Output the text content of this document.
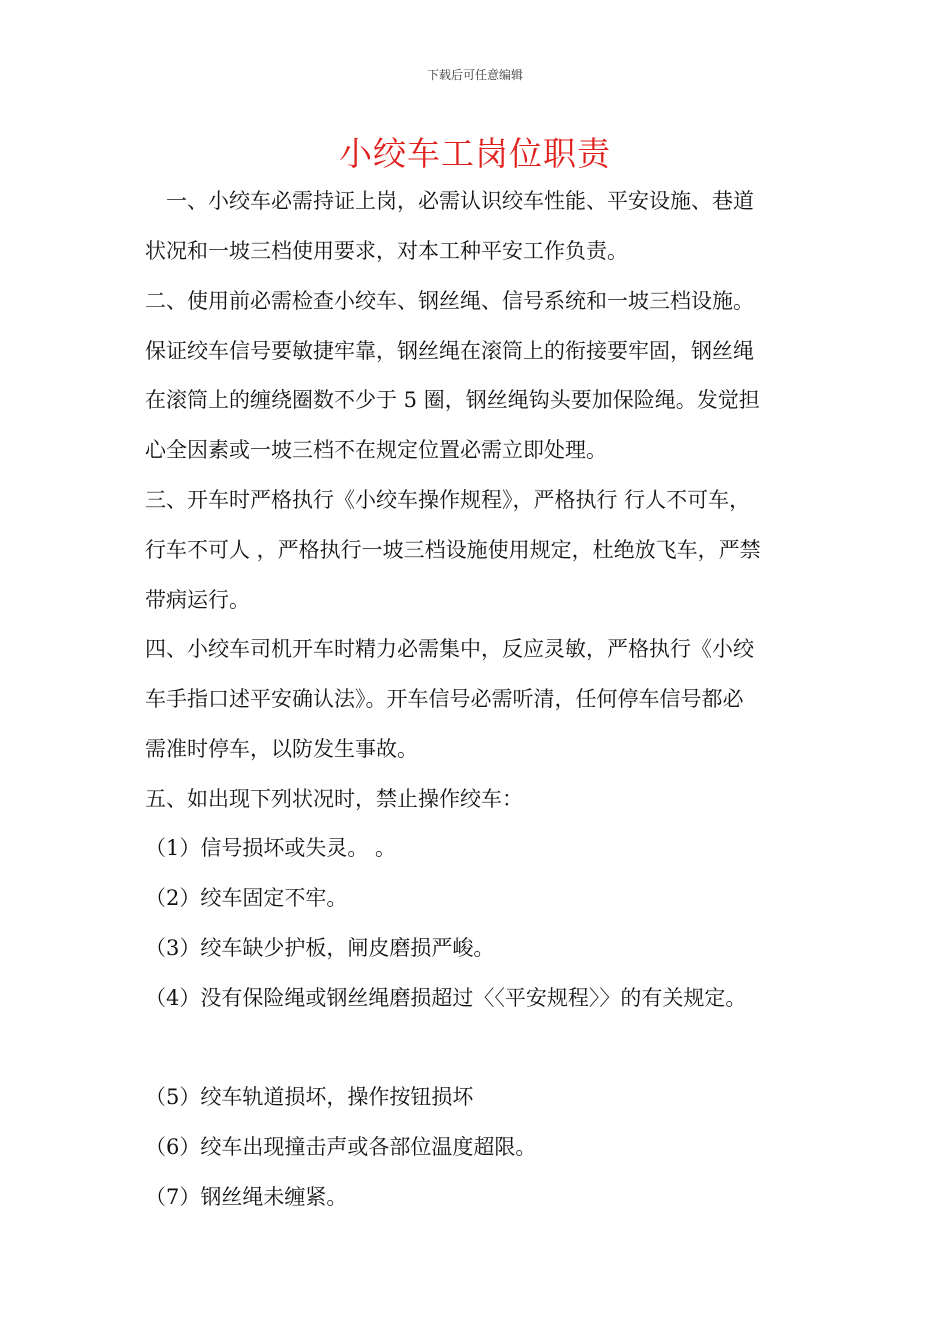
下载后可任意编辑
小绞车工岗位职责
　一、小绞车必需持证上岗，必需认识绞车性能、平安设施、巷道
状况和一坡三档使用要求，对本工种平安工作负责。
二、使用前必需检查小绞车、钢丝绳、信号系统和一坡三档设施。
保证绞车信号要敏捷牢靠，钢丝绳在滚筒上的衔接要牢固，钢丝绳
在滚筒上的缠绕圈数不少于 5 圈，钢丝绳钩头要加保险绳。发觉担
心全因素或一坡三档不在规定位置必需立即处理。
三、开车时严格执行《小绞车操作规程》，严格执行 行人不可车，
行车不可人 ，严格执行一坡三档设施使用规定，杜绝放飞车，严禁
带病运行。
四、小绞车司机开车时精力必需集中，反应灵敏，严格执行《小绞
车手指口述平安确认法》。开车信号必需听清，任何停车信号都必
需准时停车，以防发生事故。
五、如出现下列状况时，禁止操作绞车：
（1）信号损坏或失灵。 。
（2）绞车固定不牢。
（3）绞车缺少护板，闸皮磨损严峻。
（4）没有保险绳或钢丝绳磨损超过〈〈平安规程〉〉的有关规定。
（5）绞车轨道损坏，操作按钮损坏
（6）绞车出现撞击声或各部位温度超限。
（7）钢丝绳未缠紧。
